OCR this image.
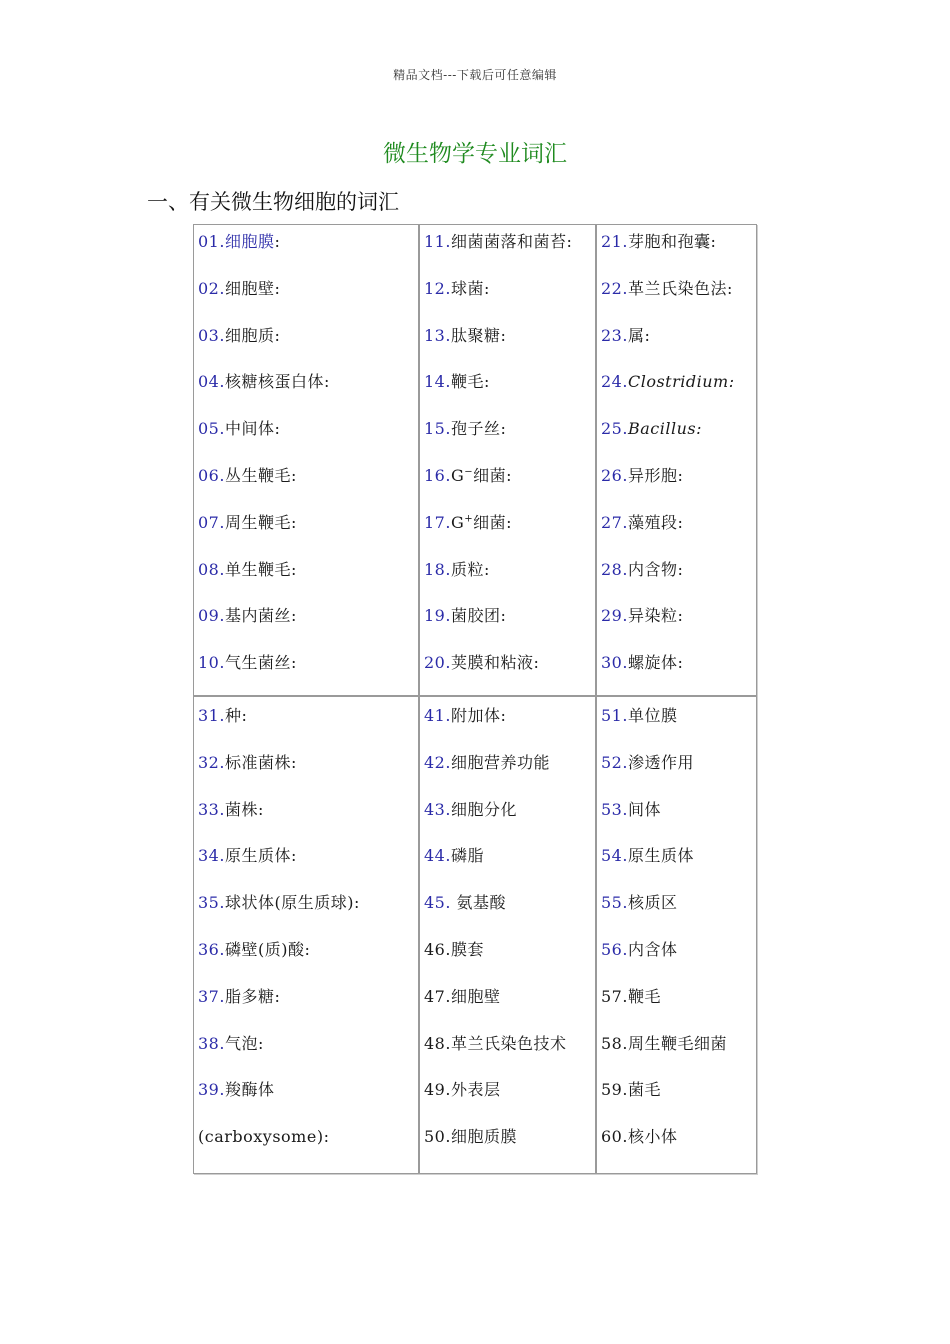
精品文档---下载后可任意编辑
微生物学专业词汇
一、有关微生物细胞的词汇
01.细胞膜:
02.细胞壁:
03.细胞质:
04.核糖核蛋白体:
05.中间体:
06.丛生鞭毛:
07.周生鞭毛:
08.单生鞭毛:
09.基内菌丝:
10.气生菌丝:
11.细菌菌落和菌苔:
12.球菌:
13.肽聚糖:
14.鞭毛:
15.孢子丝:
16.G−细菌:
17.G+细菌:
18.质粒:
19.菌胶团:
20.荚膜和粘液:
21.芽胞和孢囊:
22.革兰氏染色法:
23.属:
24.Clostridium:
25.Bacillus:
26.异形胞:
27.藻殖段:
28.内含物:
29.异染粒:
30.螺旋体:
31.种:
32.标准菌株:
33.菌株:
34.原生质体:
35.球状体(原生质球):
36.磷壁(质)酸:
37.脂多糖:
38.气泡:
39.羧酶体
(carboxysome):
41.附加体:
42.细胞营养功能
43.细胞分化
44.磷脂
45. 氨基酸
46.膜套
47.细胞壁
48.革兰氏染色技术
49.外表层
50.细胞质膜
51.单位膜
52.渗透作用
53.间体
54.原生质体
55.核质区
56.内含体
57.鞭毛
58.周生鞭毛细菌
59.菌毛
60.核小体
